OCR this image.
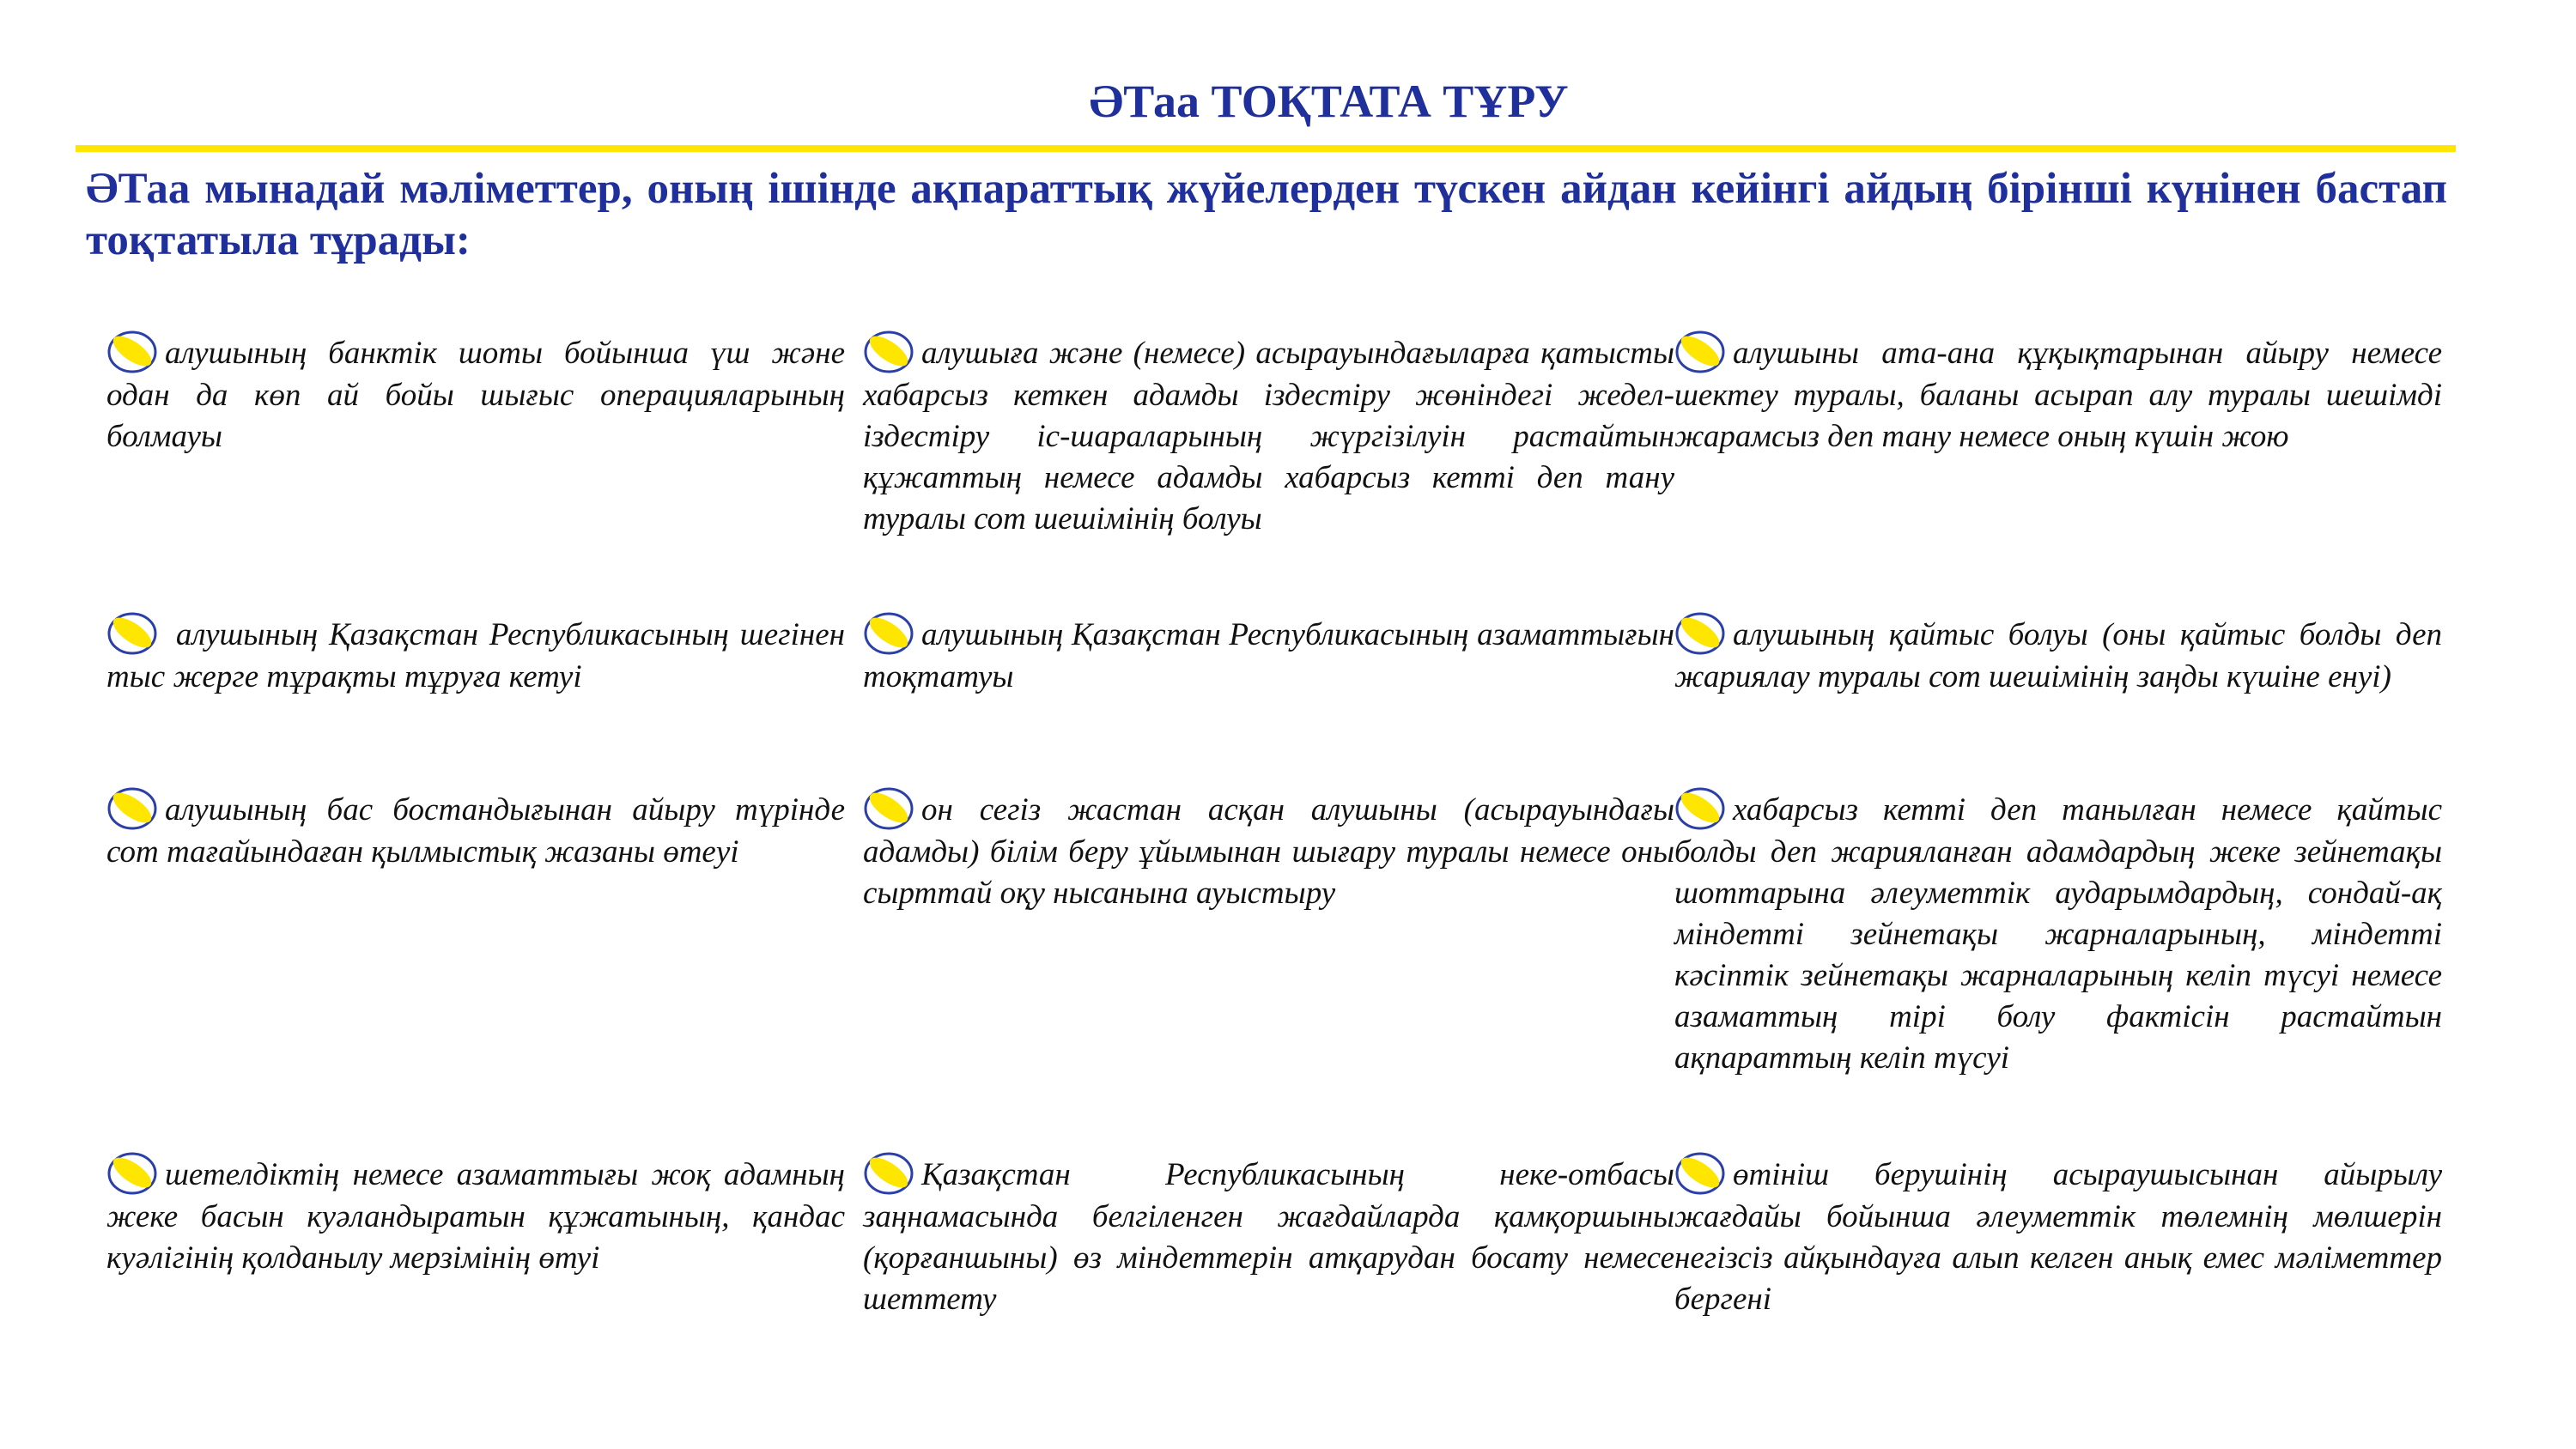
ӘТаа ТОҚТАТА ТҰРУ
ӘТаа мынадай мәліметтер, оның ішінде ақпараттық жүйелерден түскен айдан кейінгі айдың бірінші күнінен бастап тоқтатыла тұрады:
алушының банктік шоты бойынша үш және одан да көп ай бойы шығыс операцияларының болмауы
алушыға және (немесе) асырауындағыларға қатысты хабарсыз кеткен адамды іздестіру жөніндегі жедел-іздестіру іс-шараларының жүргізілуін растайтын құжаттың немесе адамды хабарсыз кетті деп тану туралы сот шешімінің болуы
алушыны ата-ана құқықтарынан айыру немесе шектеу туралы, баланы асырап алу туралы шешімді жарамсыз деп тану немесе оның күшін жою
алушының Қазақстан Республикасының шегінен тыс жерге тұрақты тұруға кетуі
алушының Қазақстан Республикасының азаматтығын тоқтатуы
алушының қайтыс болуы (оны қайтыс болды деп жариялау туралы сот шешімінің заңды күшіне енуі)
алушының бас бостандығынан айыру түрінде сот тағайындаған қылмыстық жазаны өтеуі
он сегіз жастан асқан алушыны (асырауындағы адамды) білім беру ұйымынан шығару туралы немесе оны сырттай оқу нысанына ауыстыру
хабарсыз кетті деп танылған немесе қайтыс болды деп жарияланған адамдардың жеке зейнетақы шоттарына әлеуметтік аударымдардың, сондай-ақ міндетті зейнетақы жарналарының, міндетті кәсіптік зейнетақы жарналарының келіп түсуі немесе азаматтың тірі болу фактісін растайтын ақпараттың келіп түсуі
шетелдіктің немесе азаматтығы жоқ адамның жеке басын куәландыратын құжатының, қандас куәлігінің қолданылу мерзімінің өтуі
Қазақстан Республикасының неке-отбасы заңнамасында белгіленген жағдайларда қамқоршыны (қорғаншыны) өз міндеттерін атқарудан босату немесе шеттету
өтініш берушінің асыраушысынан айырылу жағдайы бойынша әлеуметтік төлемнің мөлшерін негізсіз айқындауға алып келген анық емес мәліметтер бергені
